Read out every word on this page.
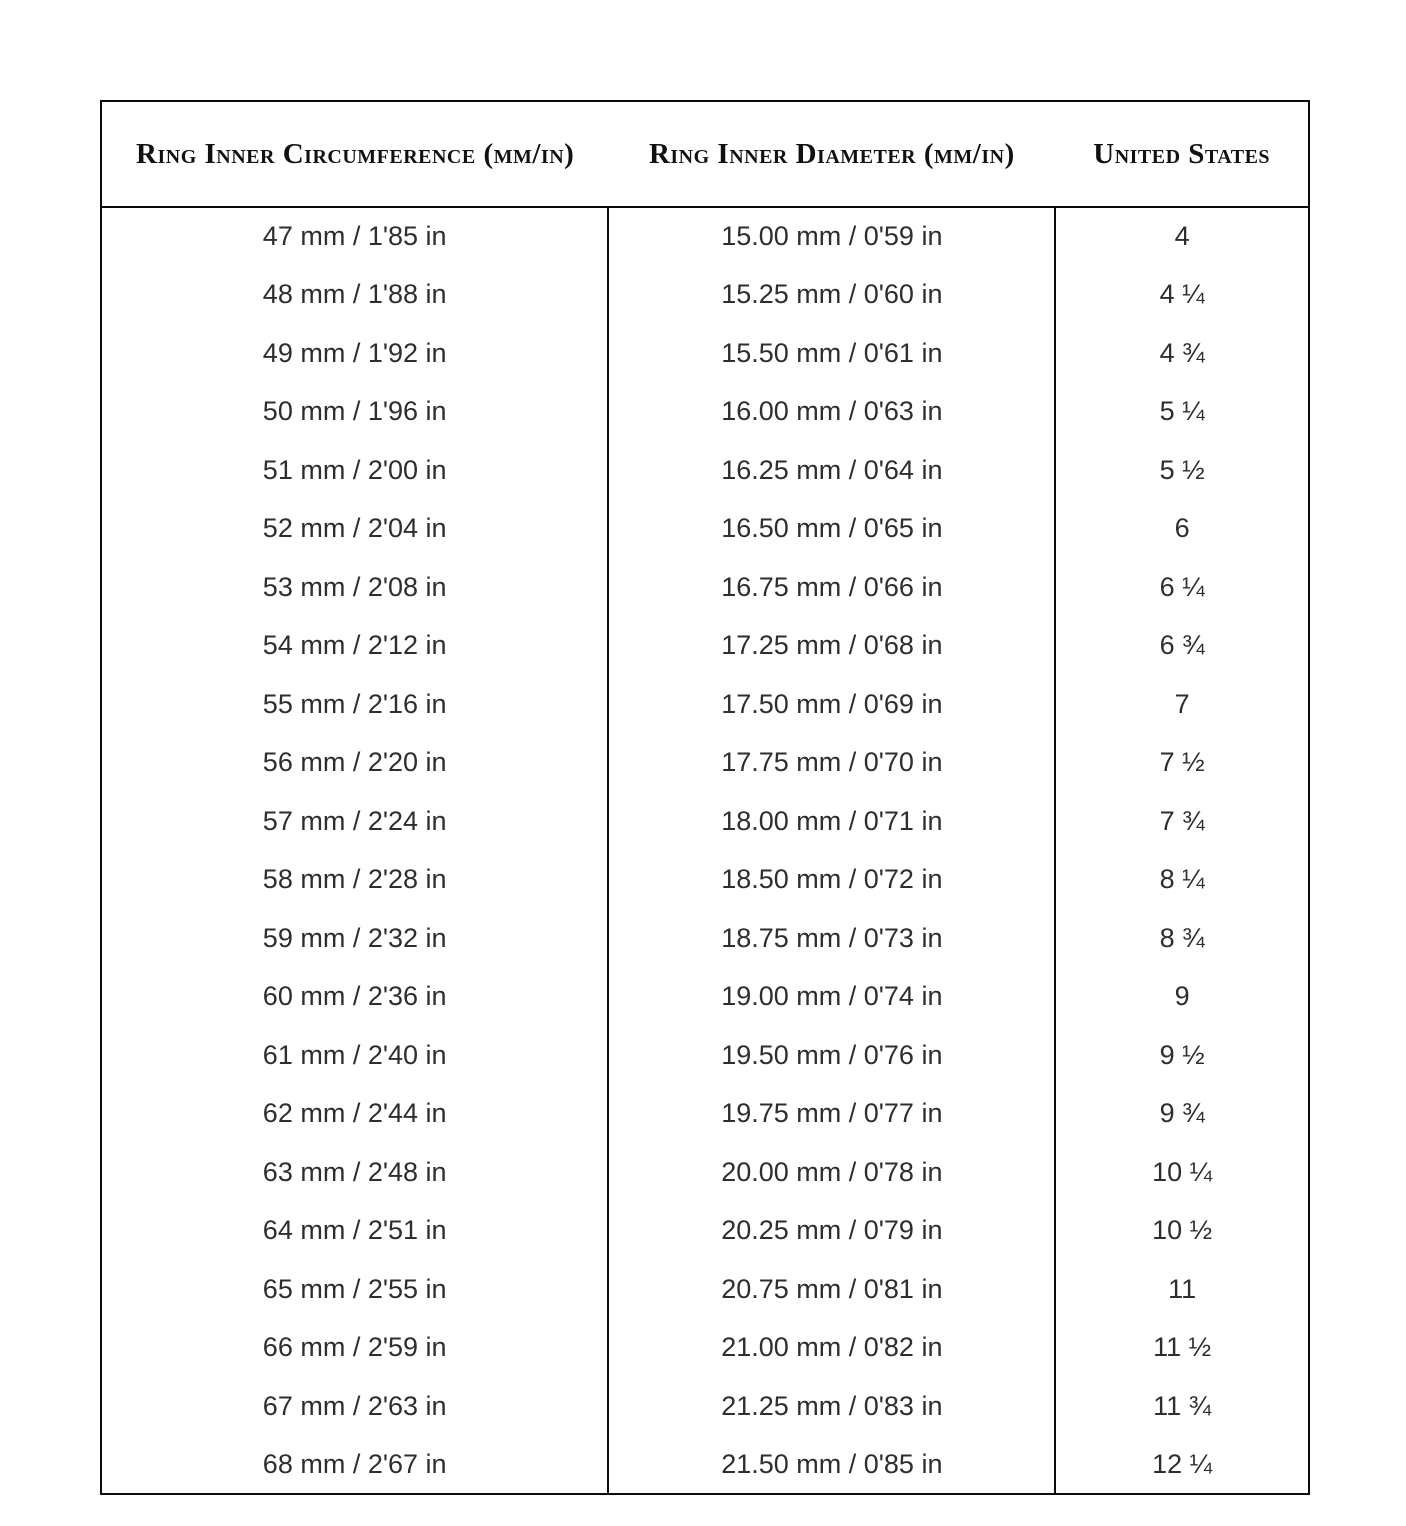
Ring Inner Circumference (mm/in)	Ring Inner Diameter (mm/in)	United States
47 mm / 1'85 in	15.00 mm / 0'59 in	4
48 mm / 1'88 in	15.25 mm / 0'60 in	4 ¼
49 mm / 1'92 in	15.50 mm / 0'61 in	4 ¾
50 mm / 1'96 in	16.00 mm / 0'63 in	5 ¼
51 mm / 2'00 in	16.25 mm / 0'64 in	5 ½
52 mm / 2'04 in	16.50 mm / 0'65 in	6
53 mm / 2'08 in	16.75 mm / 0'66 in	6 ¼
54 mm / 2'12 in	17.25 mm / 0'68 in	6 ¾
55 mm / 2'16 in	17.50 mm / 0'69 in	7
56 mm / 2'20 in	17.75 mm / 0'70 in	7 ½
57 mm / 2'24 in	18.00 mm / 0'71 in	7 ¾
58 mm / 2'28 in	18.50 mm / 0'72 in	8 ¼
59 mm / 2'32 in	18.75 mm / 0'73 in	8 ¾
60 mm / 2'36 in	19.00 mm / 0'74 in	9
61 mm / 2'40 in	19.50 mm / 0'76 in	9 ½
62 mm / 2'44 in	19.75 mm / 0'77 in	9 ¾
63 mm / 2'48 in	20.00 mm / 0'78 in	10 ¼
64 mm / 2'51 in	20.25 mm / 0'79 in	10 ½
65 mm / 2'55 in	20.75 mm / 0'81 in	11
66 mm / 2'59 in	21.00 mm / 0'82 in	11 ½
67 mm / 2'63 in	21.25 mm / 0'83 in	11 ¾
68 mm / 2'67 in	21.50 mm / 0'85 in	12 ¼
